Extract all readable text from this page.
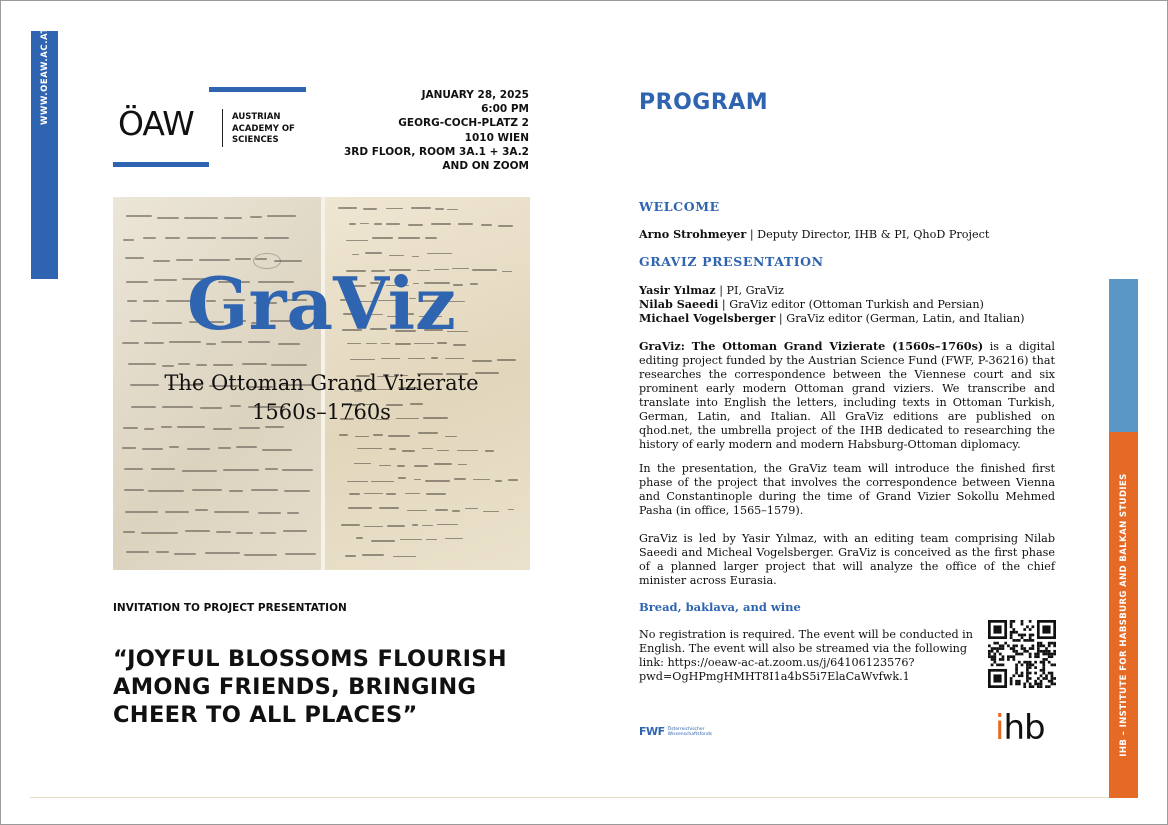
WWW.OEAW.AC.AT ÖAW	AUSTRIAN
ACADEMY OF
SCIENCES
JANUARY 28, 2025
6:00 PM
GEORG-COCH-PLATZ 2
1010 WIEN
3RD FLOOR, ROOM 3A.1 + 3A.2
AND ON ZOOM
GraViz
The Ottoman Grand Vizierate
1560s–1760s
INVITATION TO PROJECT PRESENTATION
“JOYFUL BLOSSOMS FLOURISH
AMONG FRIENDS, BRINGING
CHEER TO ALL PLACES”
PROGRAM
WELCOME
Arno Strohmeyer | Deputy Director, IHB & PI, QhoD Project
GRAVIZ PRESENTATION
Yasir Yılmaz | PI, GraViz
Nilab Saeedi | GraViz editor (Ottoman Turkish and Persian)
Michael Vogelsberger | GraViz editor (German, Latin, and Italian)
GraViz: The Ottoman Grand Vizierate (1560s–1760s) is a digital editing project funded by the Austrian Science Fund (FWF, P-36216) that researches the correspondence between the Viennese court and six prominent early modern Ottoman grand viziers. We transcribe and translate into English the letters, including texts in Ottoman Turkish, German, Latin, and Italian. All GraViz editions are published on qhod.net, the umbrella project of the IHB dedicated to researching the history of early modern and modern Habsburg-Ottoman diplomacy.
In the presentation, the GraViz team will introduce the finished first phase of the project that involves the correspondence between Vienna and Constantinople during the time of Grand Vizier Sokollu Mehmed Pasha (in office, 1565–1579).
GraViz is led by Yasir Yılmaz, with an editing team comprising Nilab Saeedi and Micheal Vogelsberger. GraViz is conceived as the first phase of a planned larger project that will analyze the office of the chief minister across Eurasia.
Bread, baklava, and wine
No registration is required. The event will be conducted in English. The event will also be streamed via the following link: https://oeaw-ac-at.zoom.us/j/64106123576?pwd=OgHPmgHMHT8I1a4bS5i7ElaCaWvfwk.1
FWF Österreichischer
Wissenschaftsfonds	ihb	IHB – INSTITUTE FOR HABSBURG AND BALKAN STUDIES
